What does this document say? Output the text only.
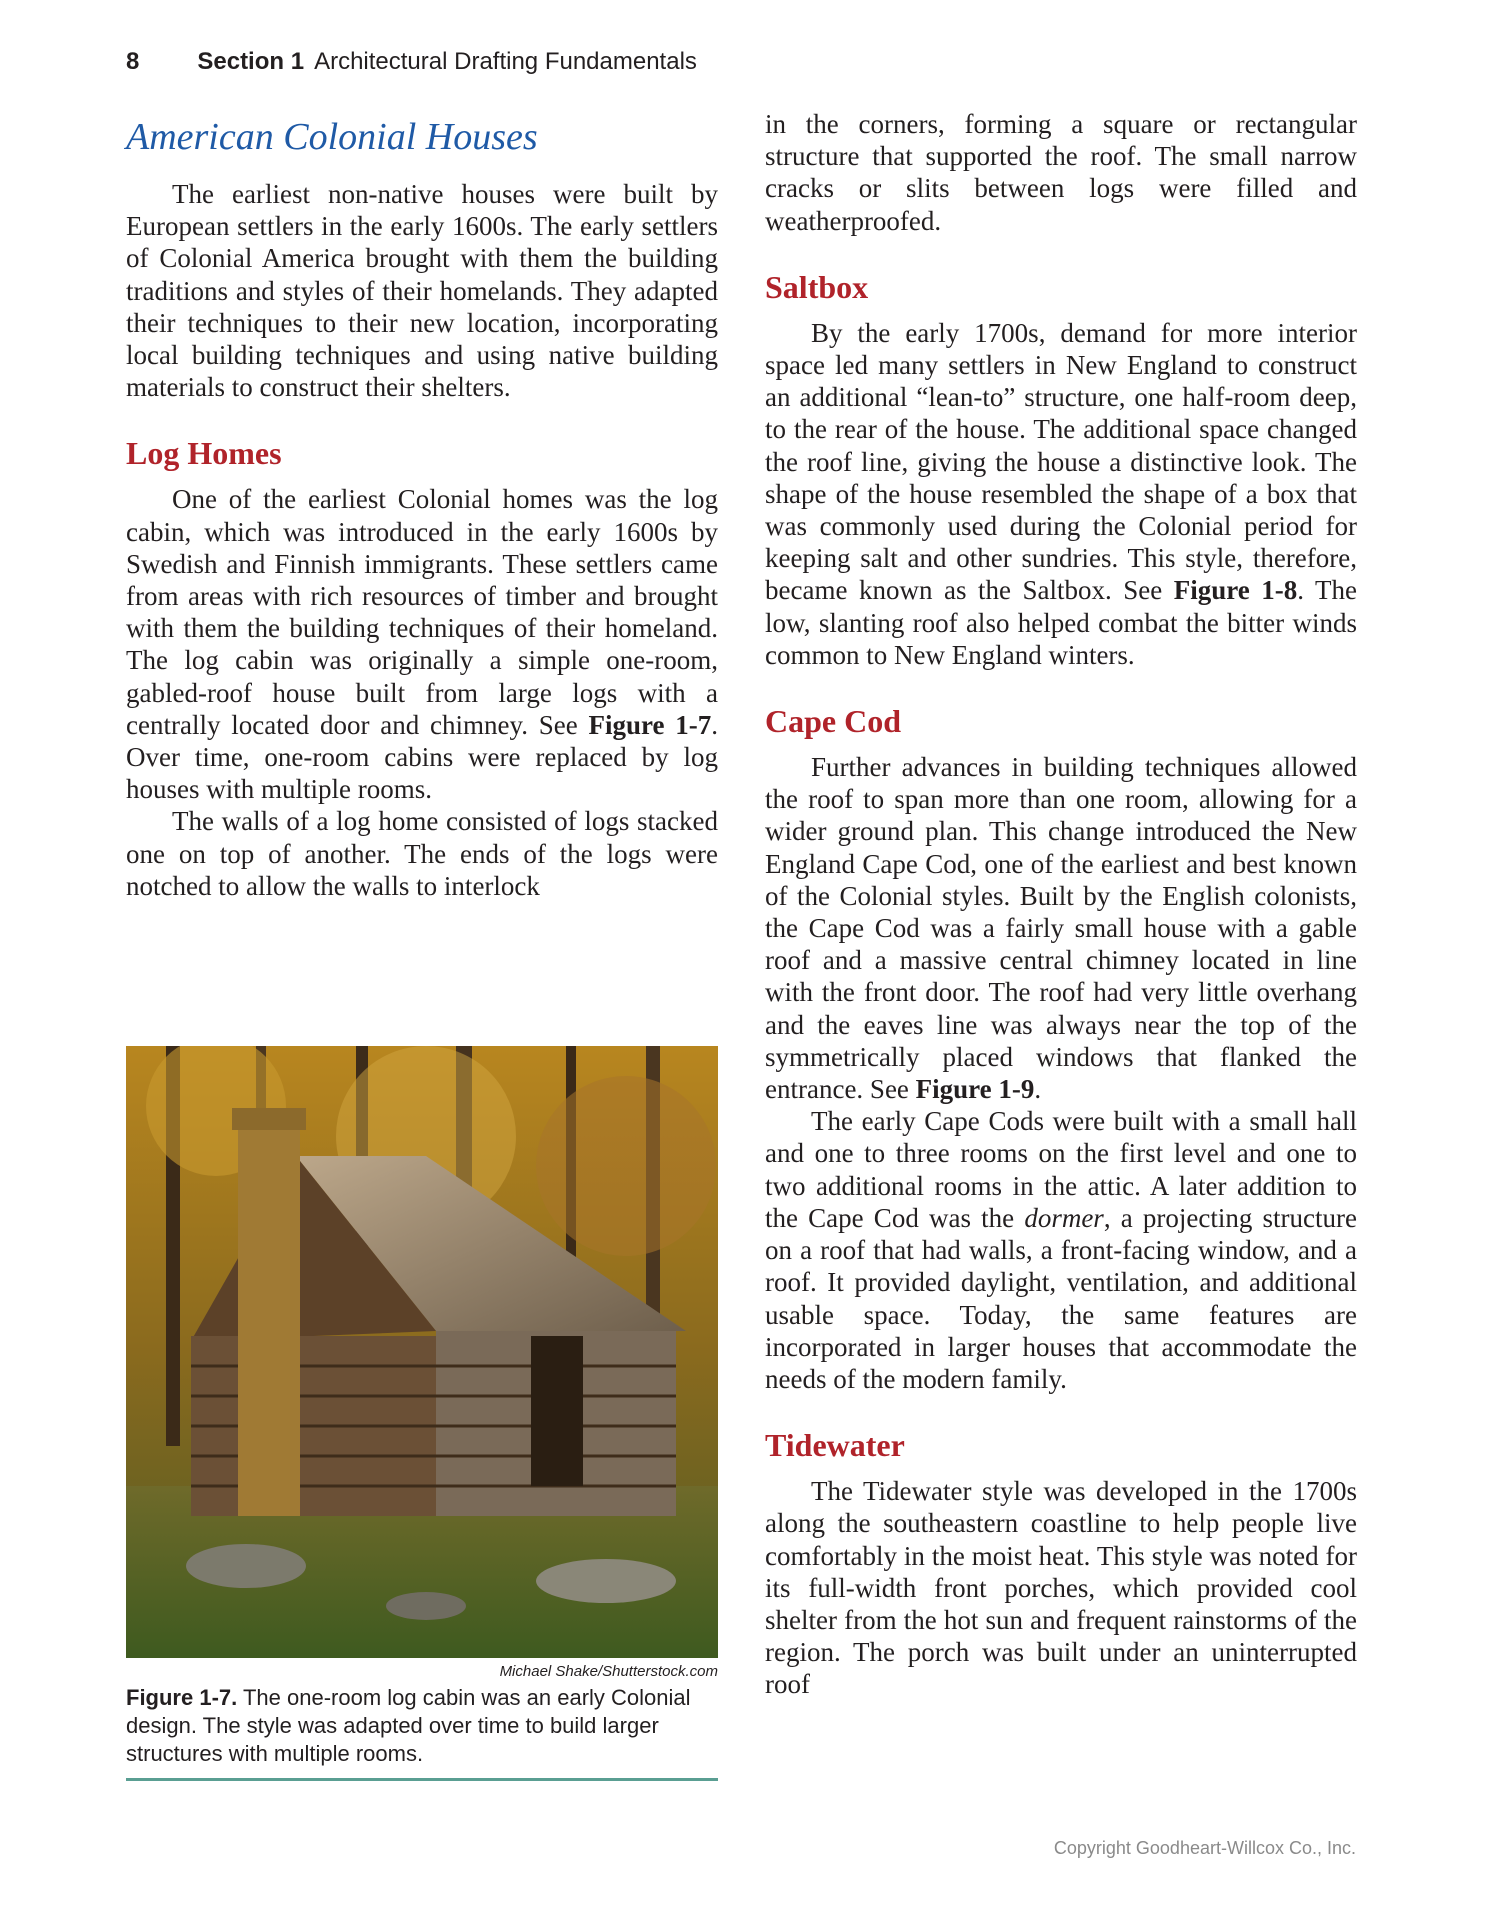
8 Section 1 Architectural Drafting Fundamentals
American Colonial Houses

The earliest non-native houses were built by European settlers in the early 1600s. The early settlers of Colonial America brought with them the building traditions and styles of their homelands. They adapted their techniques to their new location, incorporating local building techniques and using native building materials to construct their shelters.

Log Homes

One of the earliest Colonial homes was the log cabin, which was introduced in the early 1600s by Swedish and Finnish immigrants. These settlers came from areas with rich resources of timber and brought with them the building techniques of their homeland. The log cabin was originally a simple one-room, gabled-roof house built from large logs with a centrally located door and chimney. See Figure 1-7. Over time, one-room cabins were replaced by log houses with multiple rooms.

The walls of a log home consisted of logs stacked one on top of another. The ends of the logs were notched to allow the walls to interlock

Michael Shake/Shutterstock.com
Figure 1-7. The one-room log cabin was an early Colonial design. The style was adapted over time to build larger structures with multiple rooms.

in the corners, forming a square or rectangular structure that supported the roof. The small narrow cracks or slits between logs were filled and weatherproofed.

Saltbox

By the early 1700s, demand for more interior space led many settlers in New England to construct an additional “lean-to” structure, one half-room deep, to the rear of the house. The additional space changed the roof line, giving the house a distinctive look. The shape of the house resembled the shape of a box that was commonly used during the Colonial period for keeping salt and other sundries. This style, therefore, became known as the Saltbox. See Figure 1-8. The low, slanting roof also helped combat the bitter winds common to New England winters.

Cape Cod

Further advances in building techniques allowed the roof to span more than one room, allowing for a wider ground plan. This change introduced the New England Cape Cod, one of the earliest and best known of the Colonial styles. Built by the English colonists, the Cape Cod was a fairly small house with a gable roof and a massive central chimney located in line with the front door. The roof had very little overhang and the eaves line was always near the top of the symmetrically placed windows that flanked the entrance. See Figure 1-9.

The early Cape Cods were built with a small hall and one to three rooms on the first level and one to two additional rooms in the attic. A later addition to the Cape Cod was the dormer, a projecting structure on a roof that had walls, a front-facing window, and a roof. It provided daylight, ventilation, and additional usable space. Today, the same features are incorporated in larger houses that accommodate the needs of the modern family.

Tidewater

The Tidewater style was developed in the 1700s along the southeastern coastline to help people live comfortably in the moist heat. This style was noted for its full-width front porches, which provided cool shelter from the hot sun and frequent rainstorms of the region. The porch was built under an uninterrupted roof

Copyright Goodheart-Willcox Co., Inc.
